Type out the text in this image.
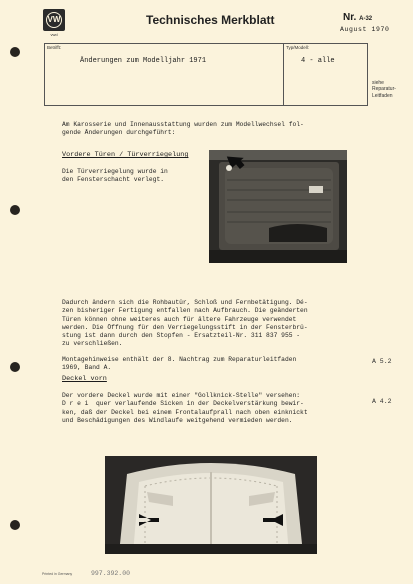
VW
vwd
Technisches Merkblatt	Nr. A-32
August 1970
Betrifft:
Änderungen zum Modelljahr 1971
Typ/Modell:
4 - alle
siehe
Reparatur-
Leitfaden
Am Karosserie und Innenausstattung wurden zum Modellwechsel fol-
gende Änderungen durchgeführt:
Vordere Türen / Türverriegelung
Die Türverriegelung wurde in
den Fensterschacht verlegt.
Dadurch ändern sich die Rohbautür, Schloß und Fernbetätigung. Dé-
zen bisheriger Fertigung entfallen nach Aufbrauch. Die geänderten
Türen können ohne weiteres auch für ältere Fahrzeuge verwendet
werden. Die Öffnung für den Verriegelungsstift in der Fensterbrü-
stung ist dann durch den Stopfen - Ersatzteil-Nr. 311 837 955 -
zu verschließen.
Montagehinweise enthält der 8. Nachtrag zum Reparaturleitfaden
1969, Band A.
A 5.2
Deckel vorn
Der vordere Deckel wurde mit einer "Gollknick-Stelle" versehen:
D r e i  quer verlaufende Sicken in der Deckelverstärkung bewir-
ken, daß der Deckel bei einem Frontalaufprall nach oben einknickt
und Beschädigungen des Windlaufe weitgehend vermieden werden.
A 4.2
Printed in Germany	997.392.00
